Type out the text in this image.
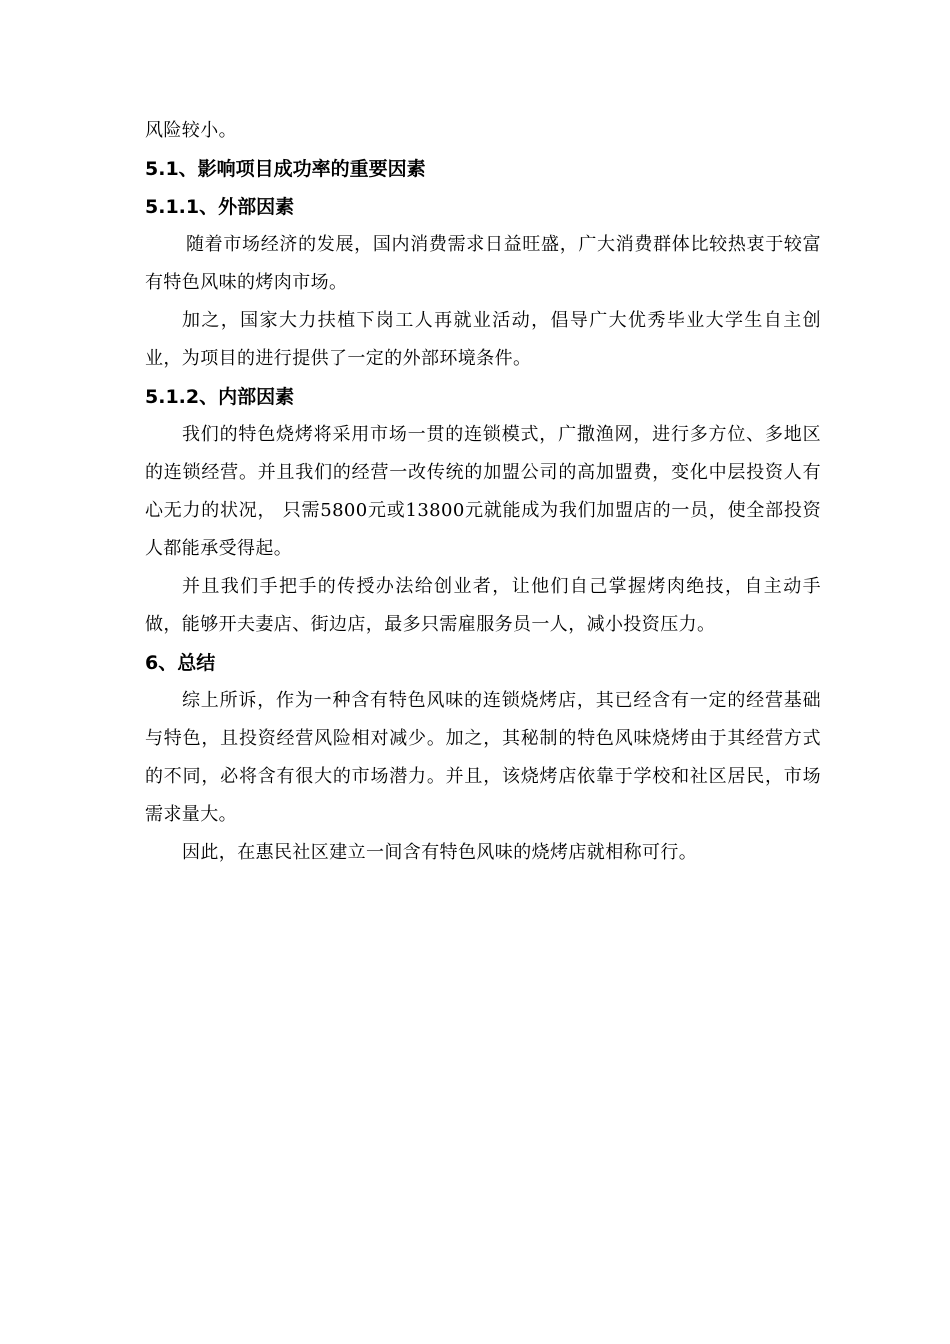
风险较小。

5.1、影响项目成功率的重要因素
5.1.1、外部因素

随着市场经济的发展，国内消费需求日益旺盛，广大消费群体比较热衷于较富有特色风味的烤肉市场。

加之，国家大力扶植下岗工人再就业活动，倡导广大优秀毕业大学生自主创业，为项目的进行提供了一定的外部环境条件。

5.1.2、内部因素

我们的特色烧烤将采用市场一贯的连锁模式，广撒渔网，进行多方位、多地区的连锁经营。并且我们的经营一改传统的加盟公司的高加盟费，变化中层投资人有心无力的状况， 只需5800元或13800元就能成为我们加盟店的一员，使全部投资人都能承受得起。

并且我们手把手的传授办法给创业者，让他们自己掌握烤肉绝技，自主动手做，能够开夫妻店、街边店，最多只需雇服务员一人，减小投资压力。

6、总结

综上所诉，作为一种含有特色风味的连锁烧烤店，其已经含有一定的经营基础与特色，且投资经营风险相对减少。加之，其秘制的特色风味烧烤由于其经营方式的不同，必将含有很大的市场潜力。并且，该烧烤店依靠于学校和社区居民，市场需求量大。

因此，在惠民社区建立一间含有特色风味的烧烤店就相称可行。
